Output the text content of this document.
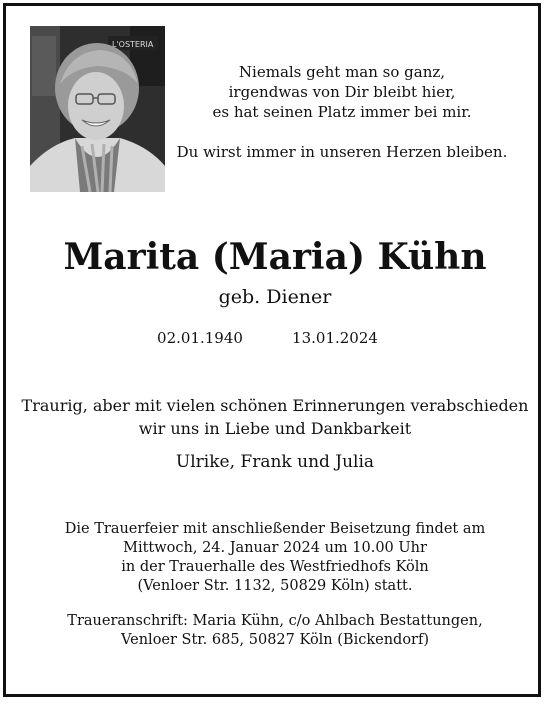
L'OSTERIA
Niemals geht man so ganz,
irgendwas von Dir bleibt hier,
es hat seinen Platz immer bei mir.
Du wirst immer in unseren Herzen bleiben.
Marita (Maria) Kühn
geb. Diener
02.01.1940	13.01.2024
Traurig, aber mit vielen schönen Erinnerungen verabschieden
wir uns in Liebe und Dankbarkeit
Ulrike, Frank und Julia
Die Trauerfeier mit anschließender Beisetzung findet am
Mittwoch, 24. Januar 2024 um 10.00 Uhr
in der Trauerhalle des Westfriedhofs Köln
(Venloer Str. 1132, 50829 Köln) statt.
Traueranschrift: Maria Kühn, c/o Ahlbach Bestattungen,
Venloer Str. 685, 50827 Köln (Bickendorf)
